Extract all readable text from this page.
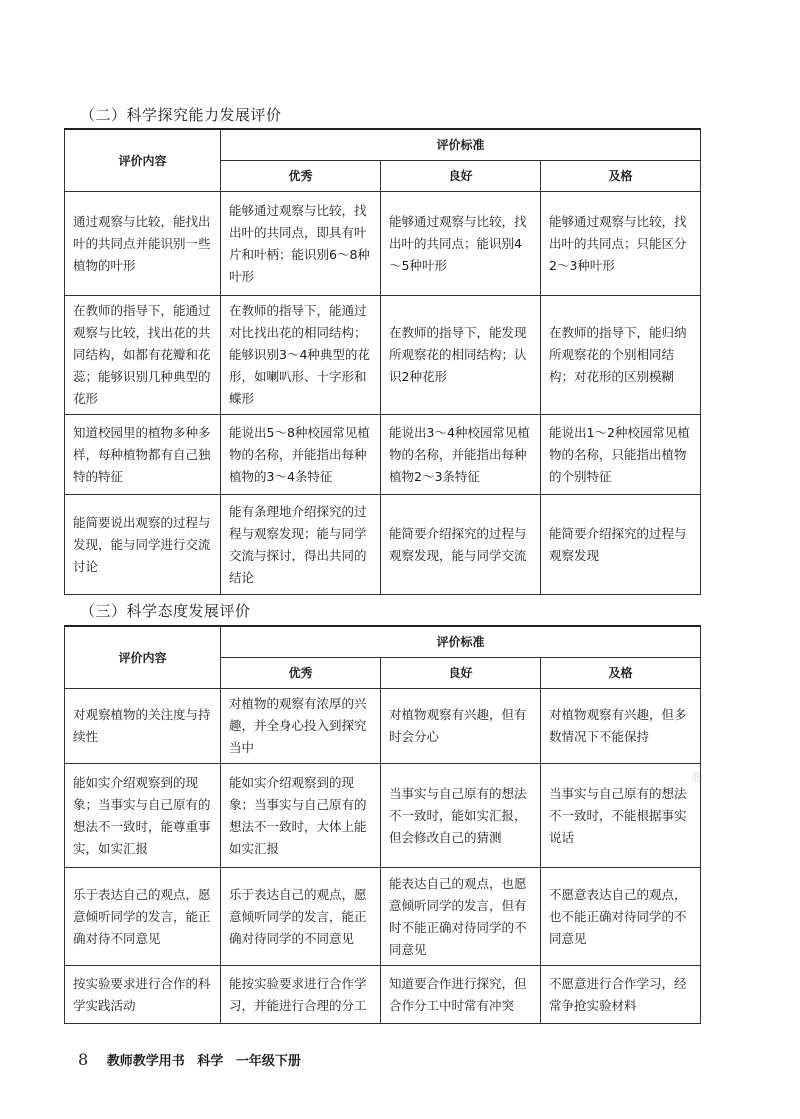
（二）科学探究能力发展评价
评价内容	评价标准		
	优秀	良好	及格
通过观察与比较，能找出叶的共同点并能识别一些植物的叶形	能够通过观察与比较，找出叶的共同点，即具有叶片和叶柄；能识别6～8种叶形	能够通过观察与比较，找出叶的共同点；能识别4～5种叶形	能够通过观察与比较，找出叶的共同点；只能区分2～3种叶形
在教师的指导下，能通过观察与比较，找出花的共同结构，如都有花瓣和花蕊；能够识别几种典型的花形	在教师的指导下，能通过对比找出花的相同结构；能够识别3～4种典型的花形，如喇叭形、十字形和蝶形	在教师的指导下，能发现所观察花的相同结构；认识2种花形	在教师的指导下，能归纳所观察花的个别相同结构；对花形的区别模糊
知道校园里的植物多种多样，每种植物都有自己独特的特征	能说出5～8种校园常见植物的名称，并能指出每种植物的3～4条特征	能说出3～4种校园常见植物的名称，并能指出每种植物2～3条特征	能说出1～2种校园常见植物的名称，只能指出植物的个别特征
能简要说出观察的过程与发现，能与同学进行交流讨论	能有条理地介绍探究的过程与观察发现；能与同学交流与探讨，得出共同的结论	能简要介绍探究的过程与观察发现，能与同学交流	能简要介绍探究的过程与观察发现
（三）科学态度发展评价
评价内容	评价标准		
	优秀	良好	及格
对观察植物的关注度与持续性	对植物的观察有浓厚的兴趣，并全身心投入到探究当中	对植物观察有兴趣，但有时会分心	对植物观察有兴趣，但多数情况下不能保持
能如实介绍观察到的现象；当事实与自己原有的想法不一致时，能尊重事实，如实汇报	能如实介绍观察到的现象；当事实与自己原有的想法不一致时，大体上能如实汇报	当事实与自己原有的想法不一致时，能如实汇报，但会修改自己的猜测	当事实与自己原有的想法不一致时，不能根据事实说话
乐于表达自己的观点，愿意倾听同学的发言，能正确对待不同意见	乐于表达自己的观点，愿意倾听同学的发言，能正确对待同学的不同意见	能表达自己的观点，也愿意倾听同学的发言，但有时不能正确对待同学的不同意见	不愿意表达自己的观点，也不能正确对待同学的不同意见
按实验要求进行合作的科学实践活动	能按实验要求进行合作学习，并能进行合理的分工	知道要合作进行探究，但合作分工中时常有冲突	不愿意进行合作学习，经常争抢实验材料
®
8 教师教学用书 科学 一年级下册
